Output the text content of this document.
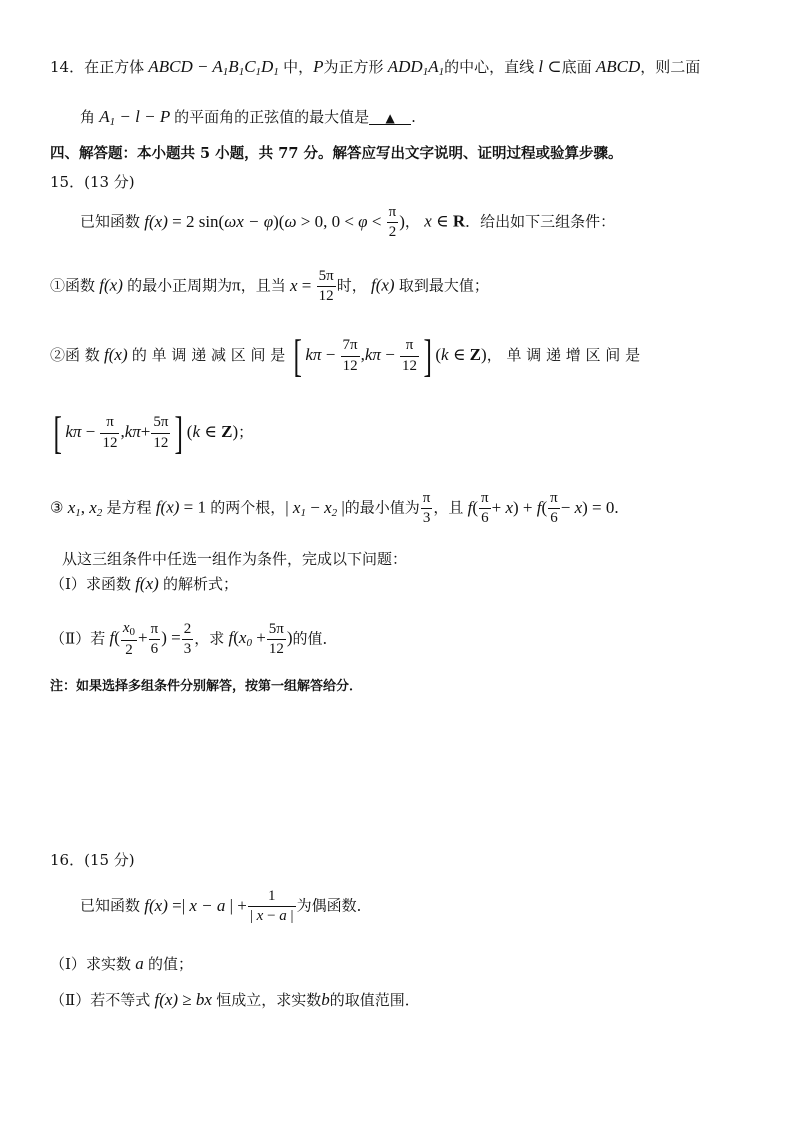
14．在正方体 ABCD − $A_1B_1C_1D_1$ 中，P为正方形 $ADD_1A_1$的中心，直线 l ⊂底面 ABCD，则二面
角 $A_1 - l - P$ 的平面角的正弦值的最大值是 ▲ .
四、解答题：本小题共 5 小题，共 77 分。解答应写出文字说明、证明过程或验算步骤。
15．(13 分)
已知函数 f(x) = 2 sin(ωx − φ)(ω > 0, $0 < \varphi < \frac{\pi}{2}$ )， x ∈ R．给出如下三组条件：
①函数 f(x) 的最小正周期为π，且当 $x = \frac{5\pi}{12}$ 时， f(x) 取到最大值；
②函 数 f(x) 的 单 调 递 减 区 间 是 [ $k\pi - \frac{7\pi}{12} ,k\pi - \frac{\pi}{12}$ ] (k ∈ Z)， 单 调 递 增 区 间 是
[ $k\pi - \frac{\pi}{12} ,k\pi+ \frac{5\pi}{12}$ ] (k ∈ Z)；
③ $x_1$, $x_2$ 是方程 f(x) = 1 的两个根，| $x_1 - x_2$ |的最小值为 $\frac{\pi}{3}$ ，且 $f( \frac{\pi}{6} + x) + f( \frac{\pi}{6} - x) = 0$.
从这三组条件中任选一组作为条件，完成以下问题：
（Ⅰ）求函数 f(x) 的解析式；
（Ⅱ）若 $f( \frac{x_0}{2} + \frac{\pi}{6}$ ) = $\frac{2}{3}$ ，求 $f(x_0 + \frac{5\pi}{12}$ )的值．
注：如果选择多组条件分别解答，按第一组解答给分．
16．(15 分)
已知函数 f(x) =| x − a | + $\frac{1}{| x - a |}$ 为偶函数．
（Ⅰ）求实数 a 的值；
（Ⅱ）若不等式 f(x) ≥ bx 恒成立，求实数b的取值范围．
